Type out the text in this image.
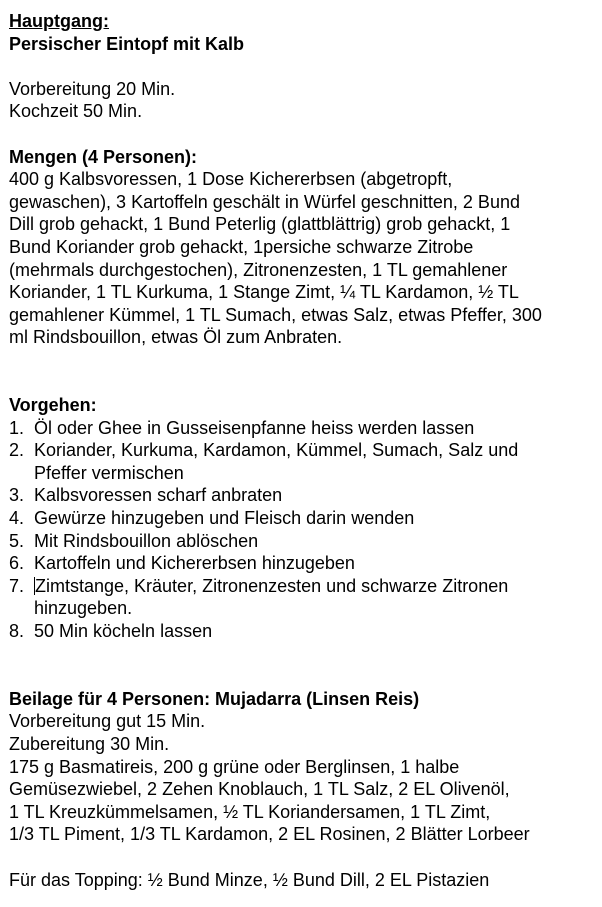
Hauptgang:
Persischer Eintopf mit Kalb
Vorbereitung 20 Min.
Kochzeit 50 Min.
Mengen (4 Personen):
400 g Kalbsvoressen, 1 Dose Kichererbsen (abgetropft,
gewaschen), 3 Kartoffeln geschält in Würfel geschnitten, 2 Bund
Dill grob gehackt, 1 Bund Peterlig (glattblättrig) grob gehackt, 1
Bund Koriander grob gehackt, 1persiche schwarze Zitrobe
(mehrmals durchgestochen), Zitronenzesten, 1 TL gemahlener
Koriander, 1 TL Kurkuma, 1 Stange Zimt, ¼ TL Kardamon, ½ TL
gemahlener Kümmel, 1 TL Sumach, etwas Salz, etwas Pfeffer, 300
ml Rindsbouillon, etwas Öl zum Anbraten.
Vorgehen:
1. Öl oder Ghee in Gusseisenpfanne heiss werden lassen
2. Koriander, Kurkuma, Kardamon, Kümmel, Sumach, Salz und
Pfeffer vermischen
3. Kalbsvoressen scharf anbraten
4. Gewürze hinzugeben und Fleisch darin wenden
5. Mit Rindsbouillon ablöschen
6. Kartoffeln und Kichererbsen hinzugeben
7. Zimtstange, Kräuter, Zitronenzesten und schwarze Zitronen
hinzugeben.
8. 50 Min köcheln lassen
Beilage für 4 Personen: Mujadarra (Linsen Reis)
Vorbereitung gut 15 Min.
Zubereitung 30 Min.
175 g Basmatireis, 200 g grüne oder Berglinsen, 1 halbe
Gemüsezwiebel, 2 Zehen Knoblauch, 1 TL Salz, 2 EL Olivenöl,
1 TL Kreuzkümmelsamen, ½ TL Koriandersamen, 1 TL Zimt,
1/3 TL Piment, 1/3 TL Kardamon, 2 EL Rosinen, 2 Blätter Lorbeer
Für das Topping: ½ Bund Minze, ½ Bund Dill, 2 EL Pistazien
